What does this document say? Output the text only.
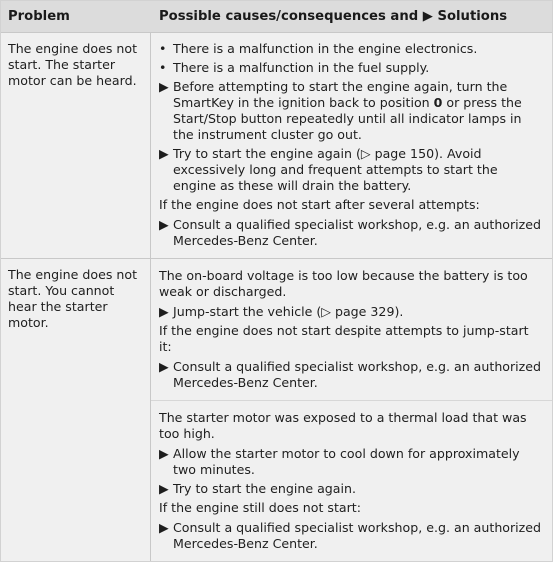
Problem	Possible causes/consequences and ▶ Solutions
The engine does not start. The starter motor can be heard.
• There is a malfunction in the engine electronics.
• There is a malfunction in the fuel supply.
▶ Before attempting to start the engine again, turn the SmartKey in the ignition back to position 0 or press the Start/Stop button repeatedly until all indicator lamps in the instrument cluster go out.
▶ Try to start the engine again (▷ page 150). Avoid excessively long and frequent attempts to start the engine as these will drain the battery.
If the engine does not start after several attempts:
▶ Consult a qualified specialist workshop, e.g. an authorized Mercedes-Benz Center.
The engine does not start. You cannot hear the starter motor.
The on-board voltage is too low because the battery is too weak or discharged.
▶ Jump-start the vehicle (▷ page 329).
If the engine does not start despite attempts to jump-start it:
▶ Consult a qualified specialist workshop, e.g. an authorized Mercedes-Benz Center.
The starter motor was exposed to a thermal load that was too high.
▶ Allow the starter motor to cool down for approximately two minutes.
▶ Try to start the engine again.
If the engine still does not start:
▶ Consult a qualified specialist workshop, e.g. an authorized Mercedes-Benz Center.
